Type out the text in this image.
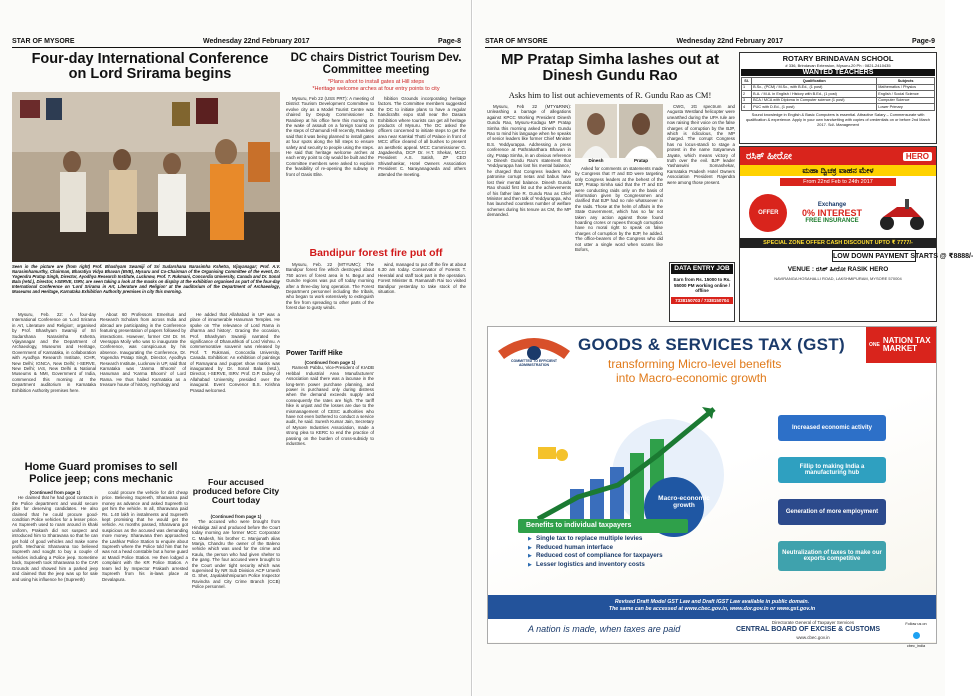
STAR OF MYSORE	Wednesday 22nd February 2017	Page-8
Four-day International Conference on Lord Srirama begins
Seen in the picture are (from right) Prof. Bhashyam Swamiji of Sri Sudarshana Narasimha Kshetra, Vijayanagar; Prof. A.V. Narasimhamurthy, Chairman, Bharatiya Vidya Bhavan (BVB), Mysuru and Co-Chairman of the Organising Committee of the event, Dr. Yogendra Pratap Singh, Director, Ayodhya Research Institute, Lucknow, Prof. T. Rukmani, Concordia University, Canada and Dr. Sonal Bala (retd.), Director, I-SERVE, ISRV, are seen taking a look at the masks on display at the exhibition organised as part of the four-day International Conference on 'Lord Srirama in Art, Literature and Religion' at the auditorium of the Department of Archaeology, Museums and Heritage, Karnataka Exhibition Authority premises in city this morning.

Mysuru, Feb. 22: A four-day International Conference on 'Lord Srirama in Art, Literature and Religion', organised by Prof. Bhashyam Swamiji of Sri Sudarshana Narasimha Kshetra, Vijayanagar and the Department of Archaeology, Museums and Heritage, Government of Karnataka, in collaboration with Ayodhya Research Institute, ICHR, New Delhi; IGNCA, New Delhi; I-SERVE, New Delhi; IAS, New Delhi & National Museums & NMI, Government of India, commenced this morning at the Department auditorium in Karnataka Exhibition Authority premises here.

About 60 Professors Emeritus and Research Scholars from across India and abroad are participating in the Conference featuring presentation of papers followed by interactions. However, former CM Dr. M. Veerappa Moily who was to inaugurate the Conference, was conspicuous by his absence. Inaugurating the Conference, Dr. Yogendra Pratap Singh, Director, Ayodhya Research Institute, Lucknow in UP, said that Karnataka was 'Janma Bhoomi' of Hanuman and 'Karma Bhoomi' of Lord Rama. He thus hailed Karnataka as a treasure house of history, mythology and

He added that Allahabad in UP was a place of innumerable Hanuman Temples. He spoke on 'The relevance of Lord Rama in dharma and history'. Gracing the occasion, Prof. Bhashyam Swamiji narrated the significance of Dhanushkoti of Lord Vishnu. A commemorative souvenir was released by Prof. T. Rukmani, Concordia University, Canada. Exhibition: An exhibition of paintings of Ramayana and puppet show masks was inaugurated by Dr. Sonal Bala (retd.), Director, I-SERVE, ISRV. Prof. D.P. Dubey of Allahabad University, presided over the inaugural. Event Convenor B.S. Krishna Prasad welcomed.

Home Guard promises to sell Police jeep; cons mechanic
(Continued from page 1)

He claimed that he had good contacts in the Police department and would secure jobs for deserving candidates. He also claimed that he could procure good-condition Police vehicles for a lesser price. As Supreeth used to roam around in khaki uniform, Prakash did not suspect and introduced him to Sharavana so that he can get hold of good vehicles and make some profit. Mechanic Sharavana too believed Supreeth and sought to buy a couple of vehicles including a Police jeep. Sometime back, Supreeth took Sharavana to the CAR Grounds and showed him a parked jeep and claimed that the jeep was up for sale and using his influence he (Supreeth)

could procure the vehicle for dirt cheap price. Believing Supreeth, Sharavana paid money as advance and asked Supreeth to get him the vehicle. In all, Sharavana paid Rs. 1.40 lakh in instalments and Supreeth kept promising that he would get the vehicle. As months passed, Sharavana got suspicious as the accused was demanding more money. Sharavana then approached the Lashkar Police Station to enquire about Supreeth where the Police told him that he was not a head constable but a home guard at Mandi Police Station. He then lodged a complaint with the KR Police Station. A team led by Inspector Prakash arrested Supreeth from his in-laws place at Devalapura.

Four accused produced before City Court today
(Continued from page 1)

The accused who were brought from Hindalga Jail and produced before the Court today morning are former MCC Corporator C. Madesh, his brother C. Manjunath alias Manja, Chandru the owner of the Baleno vehicle which was used for the crime and Kaulu, the person who had given shelter to the gang. The four accused were brought to the Court under tight security which was supervised by NR Sub Division ACP Umesh G. Shet, Jayalakshmipuram Police Inspector Ravindra and City Crime Branch (CCB) Police personnel.

DC chairs District Tourism Dev. Committee meeting
*Plans afoot to install gates at Hill steps
*Heritage welcome arches at four entry points to city

Mysuru, Feb 22 (USS PRT): A meeting of District Tourism Development Committee to evolve city as a Model Tourist Centre was chaired by Deputy Commissioner D. Randeep at his office here this morning. In the wake of assault on a foreign tourist on the steps of Chamundi Hill recently, Randeep said that it was being planned to install gates at four spots along the hill steps to ensure safety and security to people using the steps. He said that heritage welcome arches at each entry point to city would be built and the Committee members were asked to explore the feasibility of re-opening the subway in front of Oasis Elite.

hibition Grounds incorporating heritage factors. The Committee members suggested the DC to initiate plans to have a regular handicrafts expo stall near the Dasara Exhibition where tourists can get all heritage products of Mysuru. The DC asked the officers concerned to initiate steps to get the area near Kamkal Thotti of Palace in front of MCC office cleared of all bushes to present an aesthetic appeal. MCC Commissioner G. Jagadeesha, DCP Dr. H.T. Shekar, MCCI President A.S. Satish, ZP CEO Shivashankar, Hotel Owners Association President C. Narayanagowda and others attended the meeting.

Bandipur forest fire put off

Mysuru, Feb. 22 (MTYUMC): The Bandipur forest fire which destroyed about 750 acres of forest area in N. Begur and Gundre regions was put off today morning after a three-day long operation. The Forest Department personnel including the tribals, who began to work extensively to extinguish the fire from spreading to other parts of the forest due to gusty winds.

wind, managed to put off the fire at about 6.30 am today. Conservator of Forests T. Heeralal and staff took part in the operation. Forest Minister B. Ramanath Rai too visited Bandipur yesterday to take stock of the situation.

Power Tariff Hike
(Continued from page 1)

Ramesh Pabbu, Vice-President of KIADB Hebbal Industrial Area Manufacturers' Association said there was a lacunae in the long-term power purchase planning, and power is purchased only during distress when the demand exceeds supply and consequently the rates are high. The tariff hike is unjust and the losses are due to the mismanagement of CESC authorities who have not even bothered to conduct a service audit, he said. Suresh Kumar Jain, Secretary of Mysore Industries Association, made a strong plea to KERC to end the practice of passing on the burden of cross-subsidy to industries.

STAR OF MYSORE	Wednesday 22nd February 2017	Page-9
MP Pratap Simha lashes out at Dinesh Gundu Rao
Asks him to list out achievements of R. Gundu Rao as CM!

Mysuru, Feb 22 (MTY&RNN): Unleashing a barrage of allegations against KPCC Working President Dinesh Gundu Rao, Mysuru-Kodagu MP Pratap Simha this morning asked Dinesh Gundu Rao to mind his language when he speaks of senior leaders like former Chief Minister B.S. Yeddyurappa. Addressing a press conference at Pathrakarthara Bhavan in city, Pratap Simha, in an obvious reference to Dinesh Gundu Rao's statement that 'Yeddyurappa has lost his mental balance,' he charged that Congress leaders who patronise corrupt netas and babus have lost their mental balance. Dinesh Gundu Rao should first list out the achievements of his father late R. Gundu Rao as Chief Minister and then talk of Yeddyurappa, who has launched countless number of welfare schemes during his tenure as CM, the MP demanded.

Dinesh	Pratap

Asked for comments on statements made by Congress that IT and ED were targeting only Congress leaders at the behest of the BJP, Pratap Simha said that the IT and ED were conducting raids only on the basis of information given by Congressmen and clarified that BJP had no role whatsoever in the raids. Those at the helm of affairs in the State Government, which has so far not taken any action against those found hoarding crores or rupees through corruption have no moral right to speak on false charges of corruption by the BJP, he added. The office-bearers of the Congress who did not utter a single word when scams like Bofors,

CWG, 2G spectrum and Augusta Westland helicopter were unearthed during the UPA rule are now raising their voice on the false charges of corruption by the BJP, which is ridiculous, the MP charged. The corrupt Congress has no locus-standi to stage a protest in the name Satyameva Jayate, which means victory of truth over the evil. BJP leader Yashaswini Somashekar, Karnataka Pradesh Hotel Owners Association President Rajendra were among those present.

ROTARY BRINDAVAN SCHOOL
# 336, Brindavan Extension, Mysuru-20 Ph : 0821-2410435
WANTED TEACHERS
Sl.	Qualification	Subjects
1	B.Sc., (PCM) / M.Sc., with B.Ed., (1 post)	Mathematics / Physics
2	B.A. / M.A. in English / History with B.Ed., (1 post)	English / Social Science
3	BCA / MCA with Diploma in Computer science (1 post)	Computer Science
4	PUC with D.Ed., (1 post)	Lower Primary
Sound knowledge in English & Basic Computers is essential. Attractive Salary – Commensurate with qualification & experience. Apply in your own handwriting with copies of credentials on or before 2nd March 2017. Sd/- Management
ರಸಿಕ್ ಹೀರೋ	HERO
ಮಹಾ ದ್ವಿಚಕ್ರ ವಾಹನ ಮೇಳ
From 22nd Feb to 24th 2017
OFFER
Exchange
0% INTEREST
FREE INSURANCE
SPECIAL ZONE OFFER CASH DISCOUNT UPTO ₹ 7777/-
LOW DOWN PAYMENT STARTS @ ₹8888/-
VENUE : ರಸಿಕ್ ಹೀರೋ RASIK HERO
NAVIRANGA HOSAHALLI ROAD, LAKSHMIPURAM, MYSORE 570004
DATA ENTRY JOB
Earn from Rs. 15000 to Rs. 55000 PM working online / offline
7338150703 / 7338150704
COMMITTED TO EFFICIENT ADMINISTRATION
GOODS & SERVICES TAX (GST)
transforming Micro-level benefits
into Macro-economic growth
ONE
NATION TAX MARKET
Macro-economic growth
Increased economic activity
Fillip to making India a manufacturing hub
Generation of more employment
Neutralization of taxes to make our exports competitive
Benefits to individual taxpayers
▶ Single tax to replace multiple levies
▶ Reduced human interface
▶ Reduced cost of compliance for taxpayers
▶ Lesser logistics and inventory costs
Revised Draft Model GST Law and Draft IGST Law available in public domain.
The same can be accessed at www.cbec.gov.in, www.dor.gov.in or www.gst.gov.in
A nation is made, when taxes are paid
Directorate General of Taxpayer Services
CENTRAL BOARD OF EXCISE & CUSTOMS
www.cbec.gov.in
Follow us on
cbec_india
